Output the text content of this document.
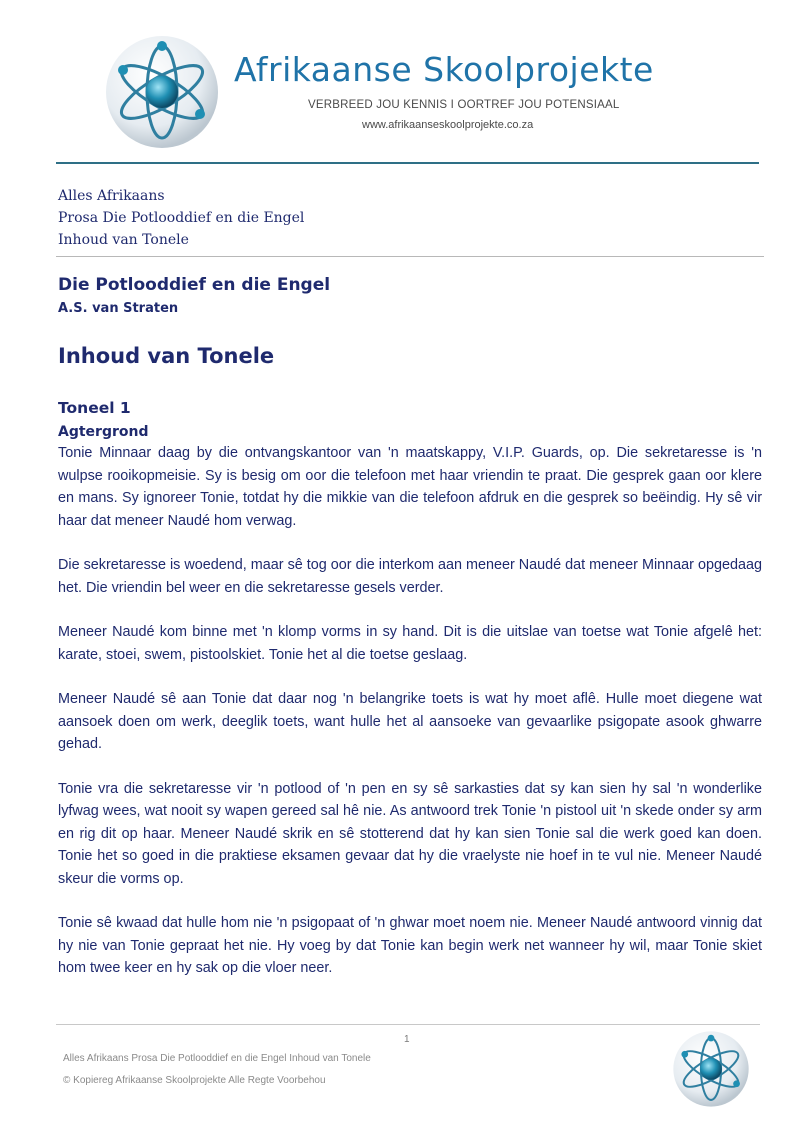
Afrikaanse Skoolprojekte
VERBREED JOU KENNIS I OORTREF JOU POTENSIAAL
www.afrikaanseskoolprojekte.co.za
Alles Afrikaans
Prosa Die Potlooddief en die Engel
Inhoud van Tonele
Die Potlooddief en die Engel
A.S. van Straten
Inhoud van Tonele
Toneel 1
Agtergrond

Tonie Minnaar daag by die ontvangskantoor van 'n maatskappy, V.I.P. Guards, op. Die sekretaresse is 'n wulpse rooikopmeisie. Sy is besig om oor die telefoon met haar vriendin te praat. Die gesprek gaan oor klere en mans. Sy ignoreer Tonie, totdat hy die mikkie van die telefoon afdruk en die gesprek so beëindig. Hy sê vir haar dat meneer Naudé hom verwag.

Die sekretaresse is woedend, maar sê tog oor die interkom aan meneer Naudé dat meneer Minnaar opgedaag het. Die vriendin bel weer en die sekretaresse gesels verder.

Meneer Naudé kom binne met 'n klomp vorms in sy hand. Dit is die uitslae van toetse wat Tonie afgelê het: karate, stoei, swem, pistoolskiet. Tonie het al die toetse geslaag.

Meneer Naudé sê aan Tonie dat daar nog 'n belangrike toets is wat hy moet aflê. Hulle moet diegene wat aansoek doen om werk, deeglik toets, want hulle het al aansoeke van gevaarlike psigopate asook ghwarre gehad.

Tonie vra die sekretaresse vir 'n potlood of 'n pen en sy sê sarkasties dat sy kan sien hy sal 'n wonderlike lyfwag wees, wat nooit sy wapen gereed sal hê nie. As antwoord trek Tonie 'n pistool uit 'n skede onder sy arm en rig dit op haar. Meneer Naudé skrik en sê stotterend dat hy kan sien Tonie sal die werk goed kan doen. Tonie het so goed in die praktiese eksamen gevaar dat hy die vraelyste nie hoef in te vul nie. Meneer Naudé skeur die vorms op.

Tonie sê kwaad dat hulle hom nie 'n psigopaat of 'n ghwar moet noem nie. Meneer Naudé antwoord vinnig dat hy nie van Tonie gepraat het nie. Hy voeg by dat Tonie kan begin werk net wanneer hy wil, maar Tonie skiet hom twee keer en hy sak op die vloer neer.

1
Alles Afrikaans Prosa Die Potlooddief en die Engel Inhoud van Tonele
© Kopiereg Afrikaanse Skoolprojekte Alle Regte Voorbehou
